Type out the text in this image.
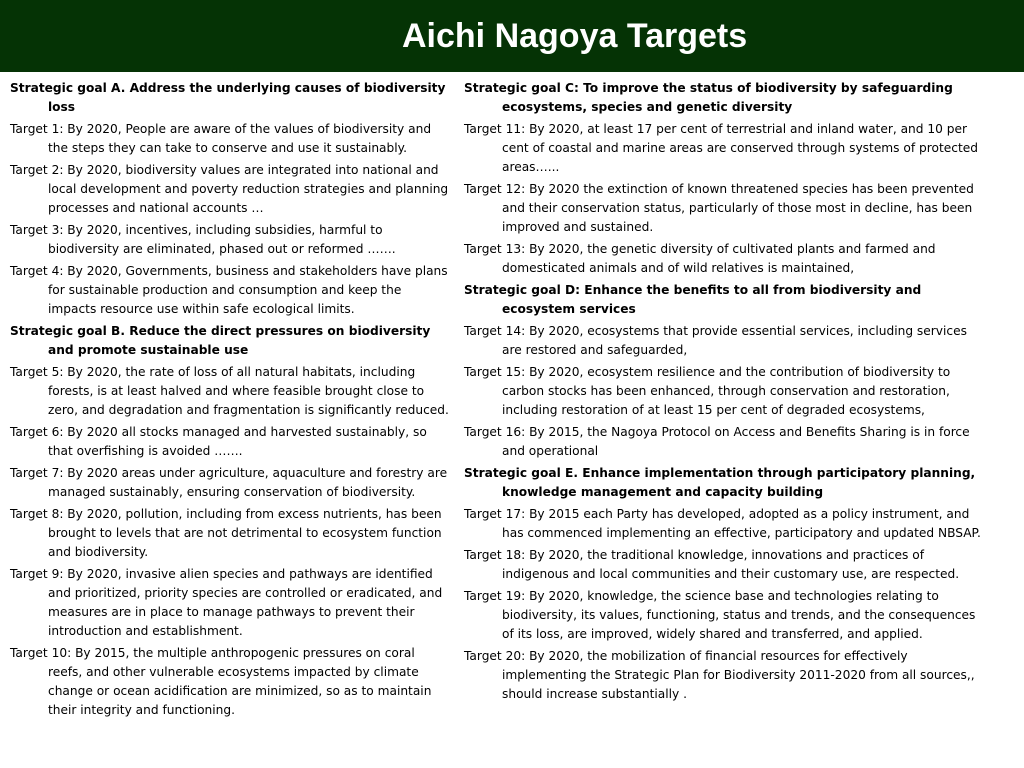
Aichi Nagoya Targets

Strategic goal A. Address the underlying causes of biodiversity loss

Target 1: By 2020, People are aware of the values of biodiversity and the steps they can take to conserve and use it sustainably.

Target 2: By 2020, biodiversity values are integrated into national and local development and poverty reduction strategies and planning processes and national accounts …

Target 3: By 2020, incentives, including subsidies, harmful to biodiversity are eliminated, phased out or reformed …….

Target 4: By 2020, Governments, business and stakeholders have plans for sustainable production and consumption and keep the impacts resource use within safe ecological limits.

Strategic goal B. Reduce the direct pressures on biodiversity and promote sustainable use

Target 5: By 2020, the rate of loss of all natural habitats, including forests, is at least halved and where feasible brought close to zero, and degradation and fragmentation is significantly reduced.

Target 6: By 2020 all stocks managed and harvested sustainably, so that overfishing is avoided …….

Target 7: By 2020 areas under agriculture, aquaculture and forestry are managed sustainably, ensuring conservation of biodiversity.

Target 8: By 2020, pollution, including from excess nutrients, has been brought to levels that are not detrimental to ecosystem function and biodiversity.

Target 9: By 2020, invasive alien species and pathways are identified and prioritized, priority species are controlled or eradicated, and measures are in place to manage pathways to prevent their introduction and establishment.

Target 10: By 2015, the multiple anthropogenic pressures on coral reefs, and other vulnerable ecosystems impacted by climate change or ocean acidification are minimized, so as to maintain their integrity and functioning.

Strategic goal C: To improve the status of biodiversity by safeguarding ecosystems, species and genetic diversity

Target 11: By 2020, at least 17 per cent of terrestrial and inland water, and 10 per cent of coastal and marine areas are conserved through systems of protected areas…...

Target 12: By 2020 the extinction of known threatened species has been prevented and their conservation status, particularly of those most in decline, has been improved and sustained.

Target 13: By 2020, the genetic diversity of cultivated plants and farmed and domesticated animals and of wild relatives is maintained,

Strategic goal D: Enhance the benefits to all from biodiversity and ecosystem services

Target 14: By 2020, ecosystems that provide essential services, including services are restored and safeguarded,

Target 15: By 2020, ecosystem resilience and the contribution of biodiversity to carbon stocks has been enhanced, through conservation and restoration, including restoration of at least 15 per cent of degraded ecosystems,

Target 16: By 2015, the Nagoya Protocol on Access and Benefits Sharing is in force and operational

Strategic goal E. Enhance implementation through participatory planning, knowledge management and capacity building

Target 17: By 2015 each Party has developed, adopted as a policy instrument, and has commenced implementing an effective, participatory and updated NBSAP.

Target 18: By 2020, the traditional knowledge, innovations and practices of indigenous and local communities and their customary use, are respected.

Target 19: By 2020, knowledge, the science base and technologies relating to biodiversity, its values, functioning, status and trends, and the consequences of its loss, are improved, widely shared and transferred, and applied.

Target 20: By 2020, the mobilization of financial resources for effectively implementing the Strategic Plan for Biodiversity 2011-2020 from all sources,, should increase substantially .
